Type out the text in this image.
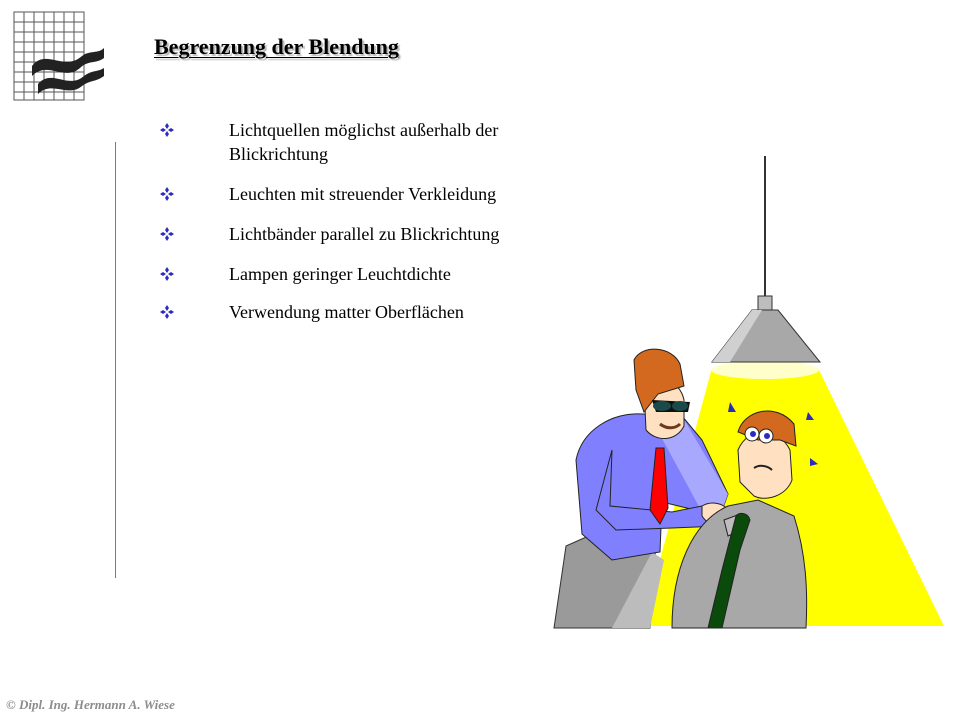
Begrenzung der Blendung
Lichtquellen möglichst außerhalb der Blickrichtung
Leuchten mit streuender Verkleidung
Lichtbänder parallel zu Blickrichtung
Lampen geringer Leuchtdichte
Verwendung matter Oberflächen
© Dipl. Ing. Hermann A. Wiese
